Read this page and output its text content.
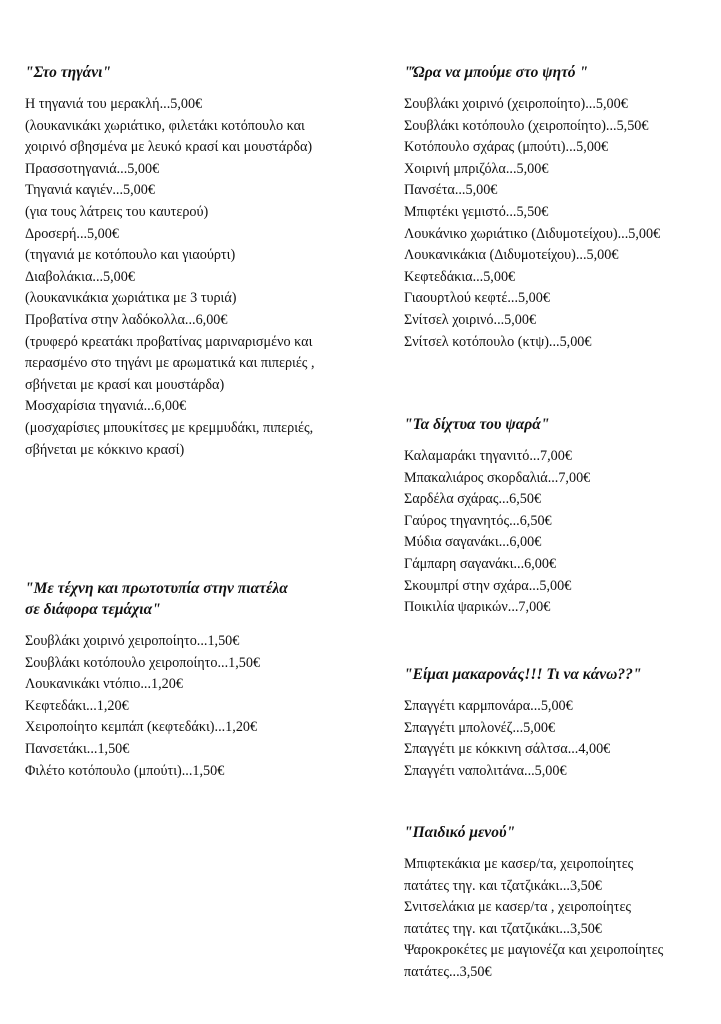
"Στο τηγάνι"
Η τηγανιά του μερακλή...5,00€
(λουκανικάκι χωριάτικο, φιλετάκι κοτόπουλο και
χοιρινό σβησμένα με λευκό κρασί και μουστάρδα)
Πρασσοτηγανιά...5,00€
Τηγανιά καγιέν...5,00€
(για τους λάτρεις του καυτερού)
Δροσερή...5,00€
(τηγανιά με κοτόπουλο και γιαούρτι)
Διαβολάκια...5,00€
(λουκανικάκια χωριάτικα με 3 τυριά)
Προβατίνα στην λαδόκολλα...6,00€
(τρυφερό κρεατάκι προβατίνας μαριναρισμένο και
περασμένο στο τηγάνι με αρωματικά και πιπεριές ,
σβήνεται με κρασί και μουστάρδα)
Μοσχαρίσια τηγανιά...6,00€
(μοσχαρίσιες μπουκίτσες με κρεμμυδάκι, πιπεριές,
σβήνεται με κόκκινο κρασί)
"Ώρα να μπούμε στο ψητό "
Σουβλάκι χοιρινό (χειροποίητο)...5,00€
Σουβλάκι κοτόπουλο (χειροποίητο)...5,50€
Κοτόπουλο σχάρας (μπούτι)...5,00€
Χοιρινή μπριζόλα...5,00€
Πανσέτα...5,00€
Μπιφτέκι γεμιστό...5,50€
Λουκάνικο χωριάτικο (Διδυμοτείχου)...5,00€
Λουκανικάκια (Διδυμοτείχου)...5,00€
Κεφτεδάκια...5,00€
Γιαουρτλού κεφτέ...5,00€
Σνίτσελ χοιρινό...5,00€
Σνίτσελ κοτόπουλο (κτψ)...5,00€
"Τα δίχτυα του ψαρά"
Καλαμαράκι τηγανιτό...7,00€
Μπακαλιάρος σκορδαλιά...7,00€
Σαρδέλα σχάρας...6,50€
Γαύρος τηγανητός...6,50€
Μύδια σαγανάκι...6,00€
Γάμπαρη σαγανάκι...6,00€
Σκουμπρί στην σχάρα...5,00€
Ποικιλία ψαρικών...7,00€
"Με τέχνη και πρωτοτυπία στην πιατέλα
σε διάφορα τεμάχια"
Σουβλάκι χοιρινό χειροποίητο...1,50€
Σουβλάκι κοτόπουλο χειροποίητο...1,50€
Λουκανικάκι ντόπιο...1,20€
Κεφτεδάκι...1,20€
Χειροποίητο κεμπάπ (κεφτεδάκι)...1,20€
Πανσετάκι...1,50€
Φιλέτο κοτόπουλο (μπούτι)...1,50€
"Είμαι μακαρονάς!!! Τι να κάνω??"
Σπαγγέτι καρμπονάρα...5,00€
Σπαγγέτι μπολονέζ...5,00€
Σπαγγέτι με κόκκινη σάλτσα...4,00€
Σπαγγέτι ναπολιτάνα...5,00€
"Παιδικό μενού"
Μπιφτεκάκια με κασερ/τα, χειροποίητες
πατάτες τηγ. και τζατζικάκι...3,50€
Σνιτσελάκια με κασερ/τα , χειροποίητες
πατάτες τηγ. και τζατζικάκι...3,50€
Ψαροκροκέτες με μαγιονέζα και χειροποίητες
πατάτες...3,50€
